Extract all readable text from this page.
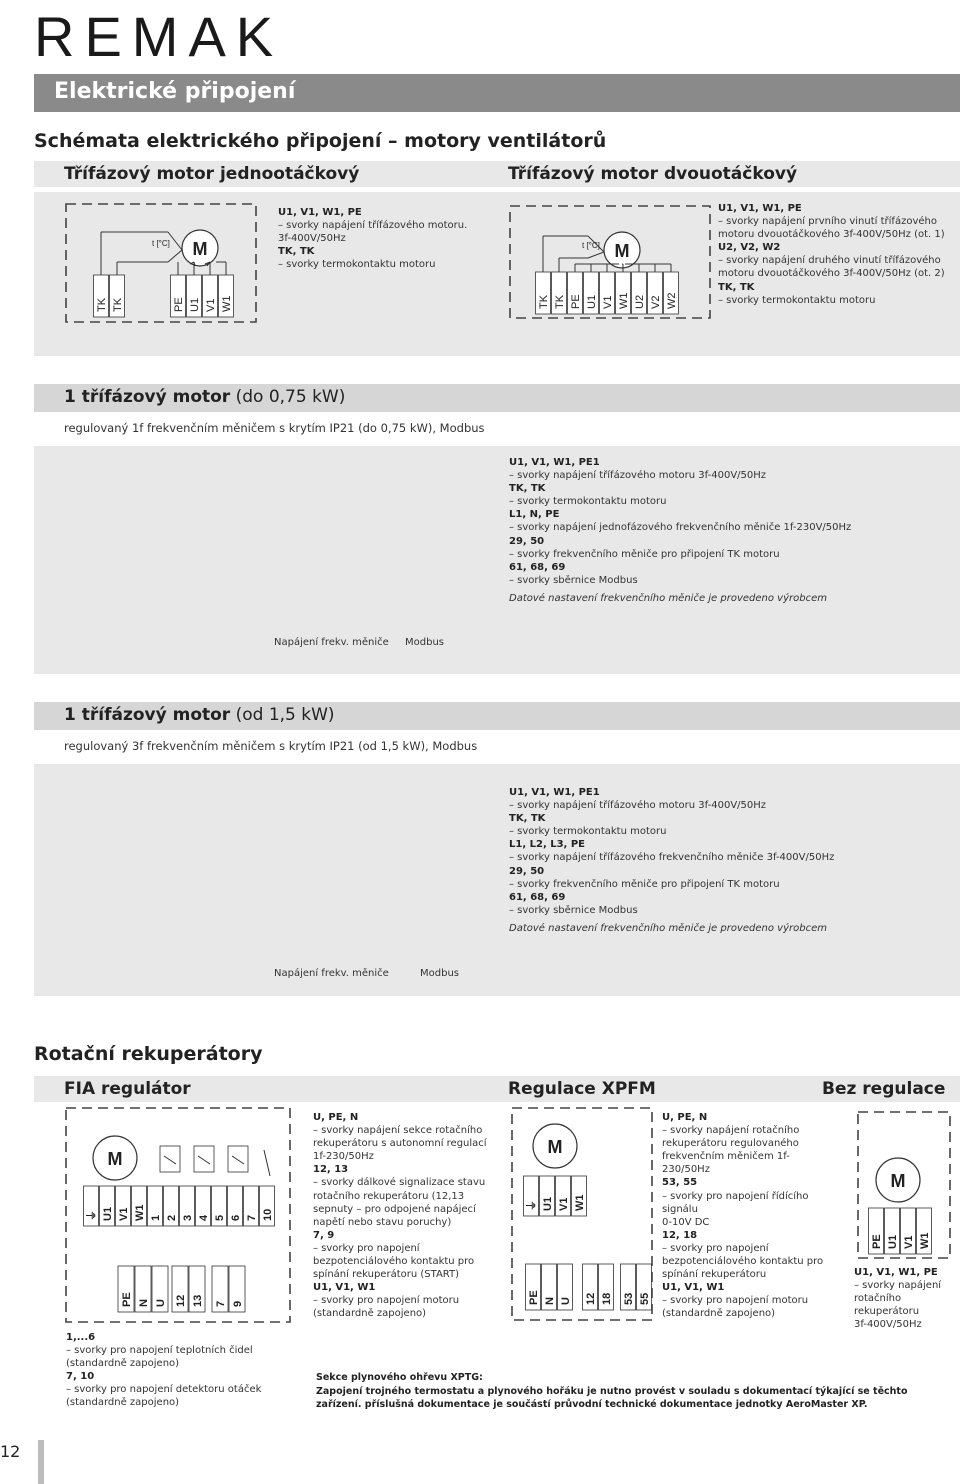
REMAK
Elektrické připojení
Schémata elektrického připojení – motory ventilátorů
Třífázový motor jednootáčkový	Třífázový motor dvouotáčkový
TK TK	PE U1 V1 W1
M
t [°C]
TK TK PE U1 V1 W1 U2 V2 W2
M
t [°C]
M
⏚ U1 V1 W1 1 2 3 4 5 6 7 10
PE N U 12 13 7 9
M
⏚ U1 V1 W1
PE N U 12 18 53 55
M
PE U1 V1 W1
U1, V1, W1, PE
– svorky napájení třífázového motoru.
3f-400V/50Hz
TK, TK
– svorky termokontaktu motoru
U1, V1, W1, PE
– svorky napájení prvního vinutí třífázového
motoru dvouotáčkového 3f-400V/50Hz (ot. 1)
U2, V2, W2
– svorky napájení druhého vinutí třífázového
motoru dvouotáčkového 3f-400V/50Hz (ot. 2)
TK, TK
– svorky termokontaktu motoru
1 třífázový motor (do 0,75 kW)
regulovaný 1f frekvenčním měničem s krytím IP21 (do 0,75 kW), Modbus
U1, V1, W1, PE1
– svorky napájení třífázového motoru 3f-400V/50Hz
TK, TK
– svorky termokontaktu motoru
L1, N, PE
– svorky napájení jednofázového frekvenčního měniče 1f-230V/50Hz
29, 50
– svorky frekvenčního měniče pro připojení TK motoru
61, 68, 69
– svorky sběrnice Modbus
Datové nastavení frekvenčního měniče je provedeno výrobcem
Napájení frekv. měniče Modbus
1 třífázový motor (od 1,5 kW)
regulovaný 3f frekvenčním měničem s krytím IP21 (od 1,5 kW), Modbus
U1, V1, W1, PE1
– svorky napájení třífázového motoru 3f-400V/50Hz
TK, TK
– svorky termokontaktu motoru
L1, L2, L3, PE
– svorky napájení třífázového frekvenčního měniče 3f-400V/50Hz
29, 50
– svorky frekvenčního měniče pro připojení TK motoru
61, 68, 69
– svorky sběrnice Modbus
Datové nastavení frekvenčního měniče je provedeno výrobcem
Napájení frekv. měniče	Modbus
Rotační rekuperátory
FIA regulátor	Regulace XPFM	Bez regulace
U, PE, N
– svorky napájení sekce rotačního
rekuperátoru s autonomní regulací
1f-230/50Hz
12, 13
– svorky dálkové signalizace stavu
rotačního rekuperátoru (12,13
sepnuty – pro odpojené napájecí
napětí nebo stavu poruchy)
7, 9
– svorky pro napojení
bezpotenciálového kontaktu pro
spínání rekuperátoru (START)
U1, V1, W1
– svorky pro napojení motoru
(standardně zapojeno)
1,...6
– svorky pro napojení teplotních čidel
(standardně zapojeno)
7, 10
– svorky pro napojení detektoru otáček
(standardně zapojeno)
U, PE, N
– svorky napájení rotačního
rekuperátoru regulovaného
frekvenčním měničem 1f-230/50Hz
53, 55
– svorky pro napojení řídícího signálu
0-10V DC
12, 18
– svorky pro napojení
bezpotenciálového kontaktu pro
spínání rekuperátoru
U1, V1, W1
– svorky pro napojení motoru
(standardně zapojeno)
U1, V1, W1, PE
– svorky napájení
rotačního
rekuperátoru
3f-400V/50Hz
Sekce plynového ohřevu XPTG:
Zapojení trojného termostatu a plynového hořáku je nutno provést v souladu s dokumentací týkající se těchto zařízení. příslušná dokumentace je součástí průvodní technické dokumentace jednotky AeroMaster XP.
12
